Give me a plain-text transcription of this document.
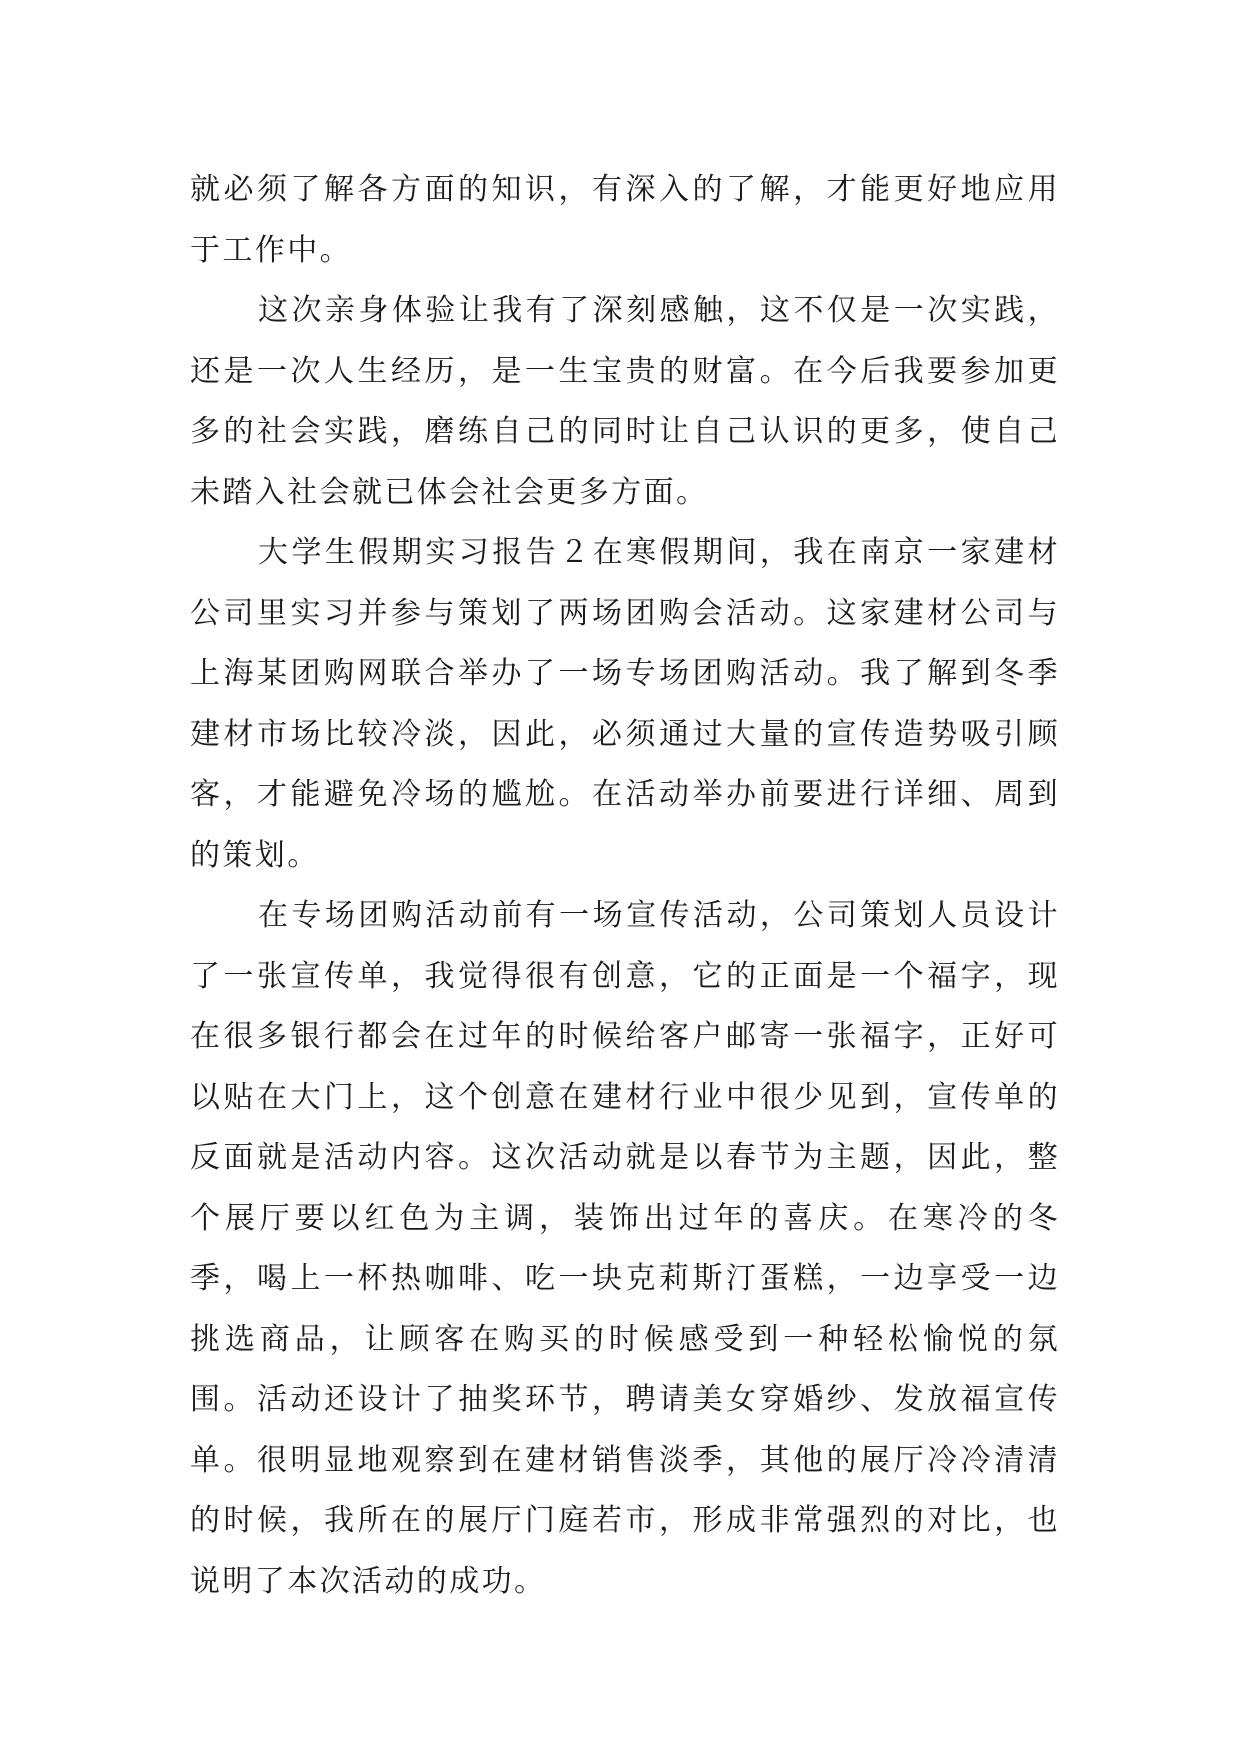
就必须了解各方面的知识，有深入的了解，才能更好地应用于工作中。

这次亲身体验让我有了深刻感触，这不仅是一次实践，还是一次人生经历，是一生宝贵的财富。在今后我要参加更多的社会实践，磨练自己的同时让自己认识的更多，使自己未踏入社会就已体会社会更多方面。

大学生假期实习报告２在寒假期间，我在南京一家建材公司里实习并参与策划了两场团购会活动。这家建材公司与上海某团购网联合举办了一场专场团购活动。我了解到冬季建材市场比较冷淡，因此，必须通过大量的宣传造势吸引顾客，才能避免冷场的尴尬。在活动举办前要进行详细、周到的策划。

在专场团购活动前有一场宣传活动，公司策划人员设计了一张宣传单，我觉得很有创意，它的正面是一个福字，现在很多银行都会在过年的时候给客户邮寄一张福字，正好可以贴在大门上，这个创意在建材行业中很少见到，宣传单的反面就是活动内容。这次活动就是以春节为主题，因此，整个展厅要以红色为主调，装饰出过年的喜庆。在寒冷的冬季，喝上一杯热咖啡、吃一块克莉斯汀蛋糕，一边享受一边挑选商品，让顾客在购买的时候感受到一种轻松愉悦的氛围。活动还设计了抽奖环节，聘请美女穿婚纱、发放福宣传单。很明显地观察到在建材销售淡季，其他的展厅冷冷清清的时候，我所在的展厅门庭若市，形成非常强烈的对比，也说明了本次活动的成功。
